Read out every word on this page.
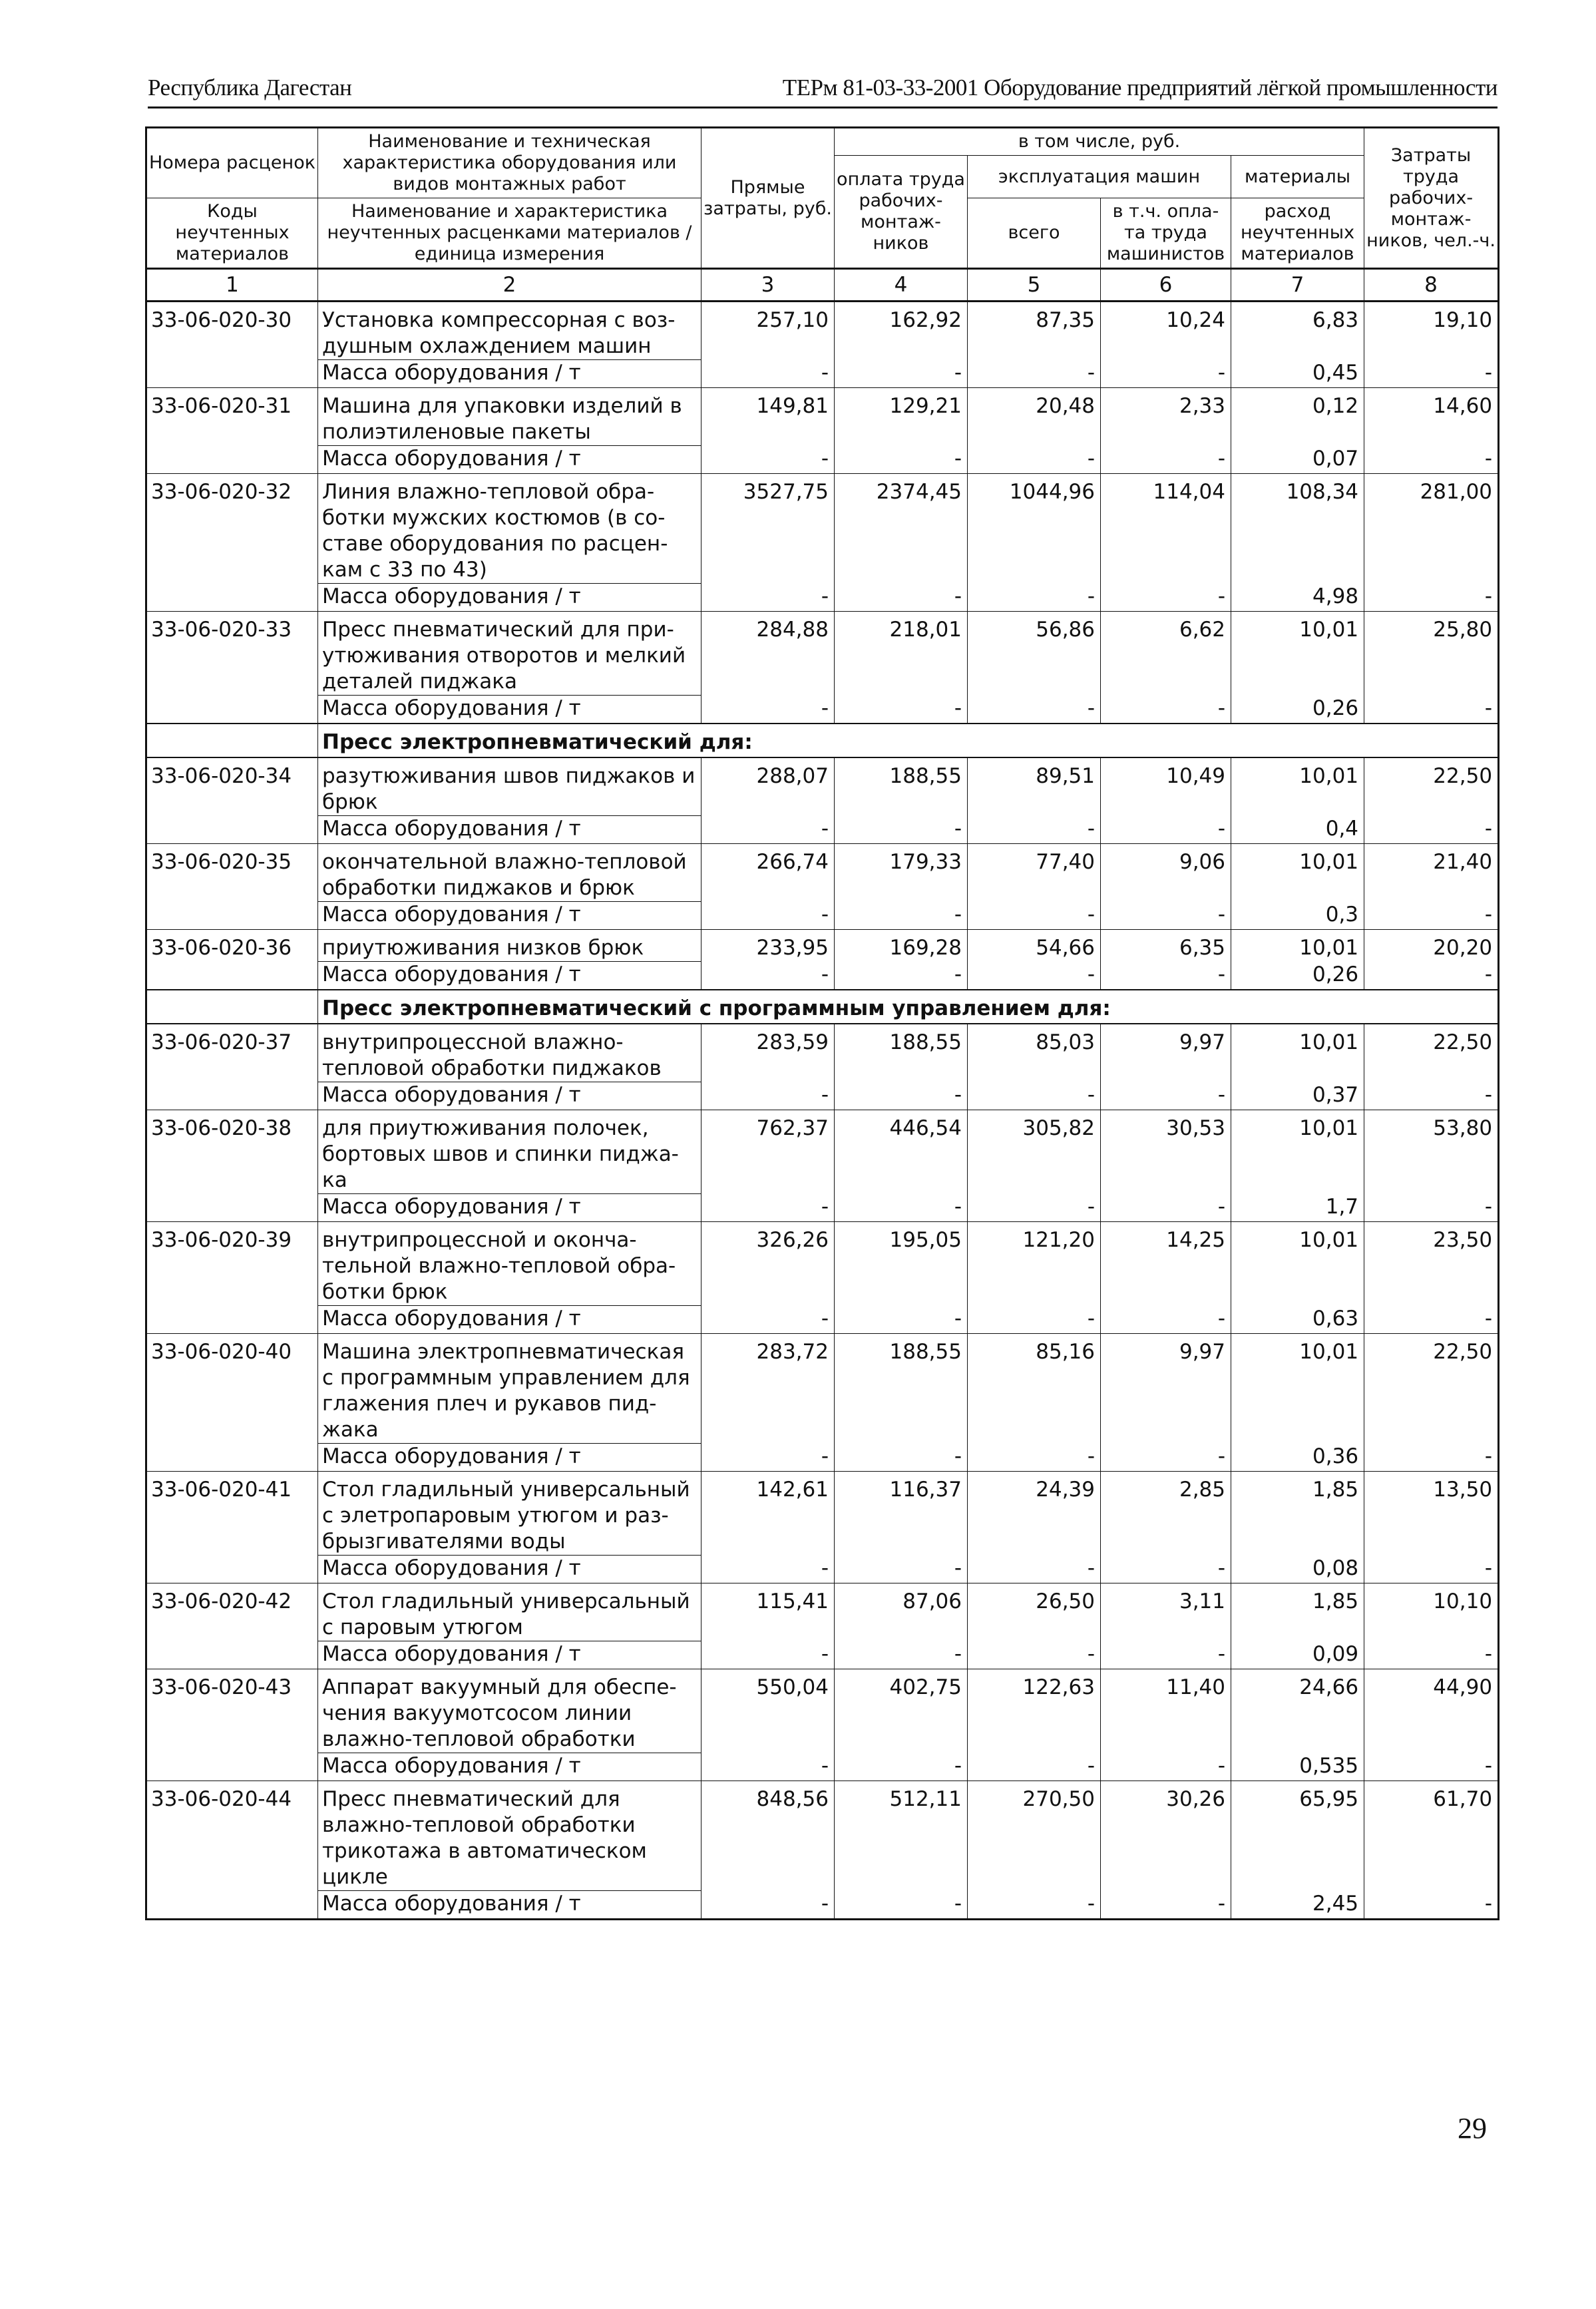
Республика Дагестан	ТЕРм 81-03-33-2001 Оборудование предприятий лёгкой промышленности
Номера расценок	Наименование и техническая характеристика оборудования или видов монтажных работ	Прямые затраты, руб.	в том числе, руб.				Затраты труда рабочих-монтаж-ников, чел.-ч.
			оплата труда рабочих-монтаж-ников	эксплуатация машин		материалы	
Коды неучтенных материалов	Наименование и характеристика неучтенных расценками материалов / единица измерения			всего	в т.ч. опла-та труда машинистов	расход неучтенных материалов	
1	2	3	4	5	6	7	8
33-06-020-30	Установка компрессорная с воз-душным охлаждением машин	257,10	162,92	87,35	10,24	6,83	19,10
	Масса оборудования / т	-	-	-	-	0,45	-
33-06-020-31	Машина для упаковки изделий в полиэтиленовые пакеты	149,81	129,21	20,48	2,33	0,12	14,60
	Масса оборудования / т	-	-	-	-	0,07	-
33-06-020-32	Линия влажно-тепловой обра-ботки мужских костюмов (в со-ставе оборудования по расцен-кам с 33 по 43)	3527,75	2374,45	1044,96	114,04	108,34	281,00
	Масса оборудования / т	-	-	-	-	4,98	-
33-06-020-33	Пресс пневматический для при-утюживания отворотов и мелкий деталей пиджака	284,88	218,01	56,86	6,62	10,01	25,80
	Масса оборудования / т	-	-	-	-	0,26	-
	Пресс электропневматический для:						
33-06-020-34	разутюживания швов пиджаков и брюк	288,07	188,55	89,51	10,49	10,01	22,50
	Масса оборудования / т	-	-	-	-	0,4	-
33-06-020-35	окончательной влажно-тепловой обработки пиджаков и брюк	266,74	179,33	77,40	9,06	10,01	21,40
	Масса оборудования / т	-	-	-	-	0,3	-
33-06-020-36	приутюживания низков брюк	233,95	169,28	54,66	6,35	10,01	20,20
	Масса оборудования / т	-	-	-	-	0,26	-
	Пресс электропневматический с программным управлением для:						
33-06-020-37	внутрипроцессной влажно-тепловой обработки пиджаков	283,59	188,55	85,03	9,97	10,01	22,50
	Масса оборудования / т	-	-	-	-	0,37	-
33-06-020-38	для приутюживания полочек, бортовых швов и спинки пиджа-ка	762,37	446,54	305,82	30,53	10,01	53,80
	Масса оборудования / т	-	-	-	-	1,7	-
33-06-020-39	внутрипроцессной и оконча-тельной влажно-тепловой обра-ботки брюк	326,26	195,05	121,20	14,25	10,01	23,50
	Масса оборудования / т	-	-	-	-	0,63	-
33-06-020-40	Машина электропневматическая с программным управлением для глажения плеч и рукавов пид-жака	283,72	188,55	85,16	9,97	10,01	22,50
	Масса оборудования / т	-	-	-	-	0,36	-
33-06-020-41	Стол гладильный универсальный с элетропаровым утюгом и раз-брызгивателями воды	142,61	116,37	24,39	2,85	1,85	13,50
	Масса оборудования / т	-	-	-	-	0,08	-
33-06-020-42	Стол гладильный универсальный с паровым утюгом	115,41	87,06	26,50	3,11	1,85	10,10
	Масса оборудования / т	-	-	-	-	0,09	-
33-06-020-43	Аппарат вакуумный для обеспе-чения вакуумотсосом линии влажно-тепловой обработки	550,04	402,75	122,63	11,40	24,66	44,90
	Масса оборудования / т	-	-	-	-	0,535	-
33-06-020-44	Пресс пневматический для влажно-тепловой обработки трикотажа в автоматическом цикле	848,56	512,11	270,50	30,26	65,95	61,70
	Масса оборудования / т	-	-	-	-	2,45	-
29
